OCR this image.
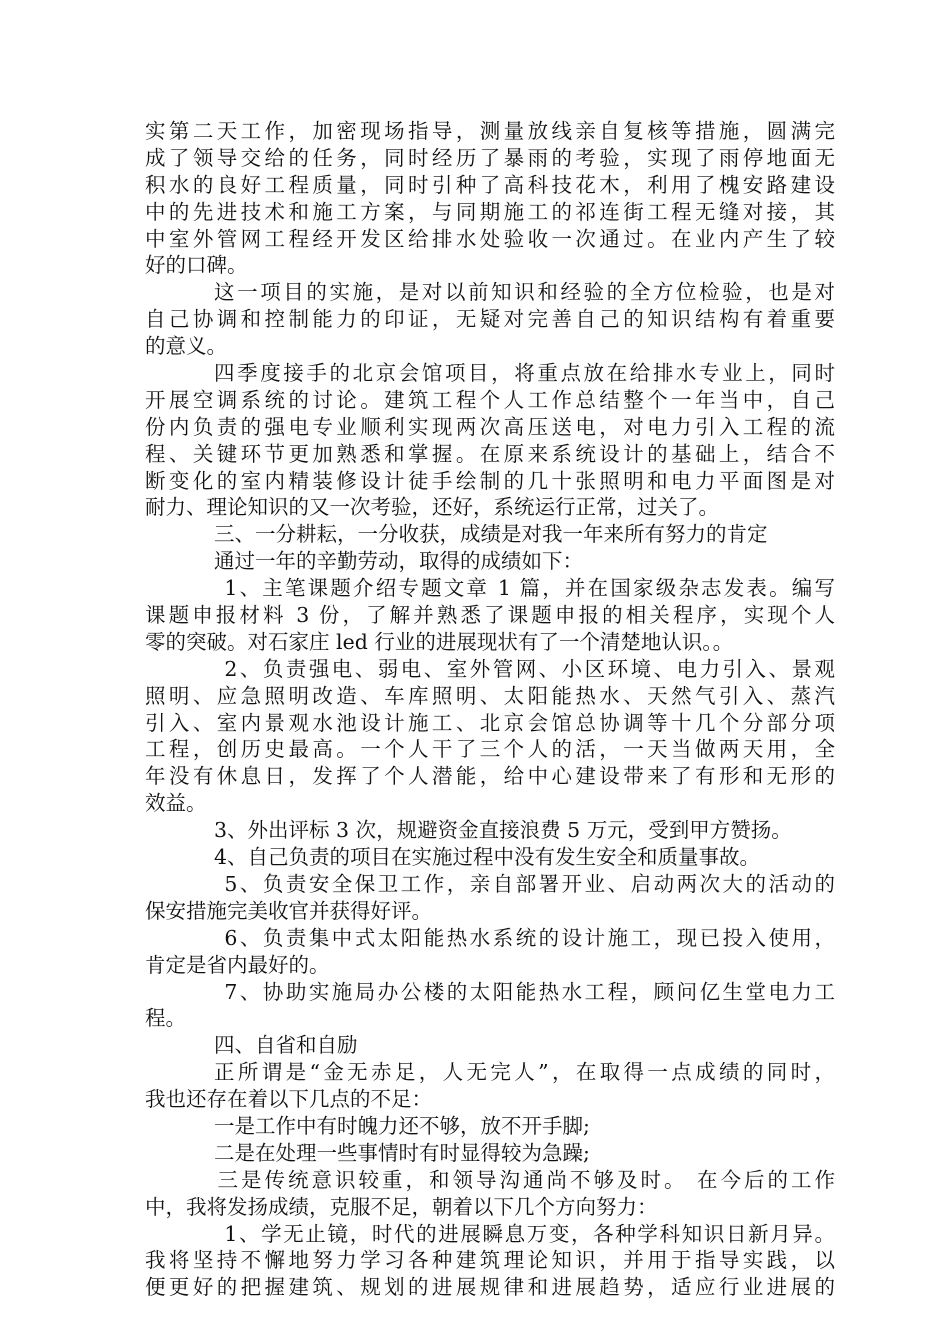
实第二天工作，加密现场指导，测量放线亲自复核等措施，圆满完
成了领导交给的任务，同时经历了暴雨的考验，实现了雨停地面无
积水的良好工程质量，同时引种了高科技花木，利用了槐安路建设
中的先进技术和施工方案，与同期施工的祁连街工程无缝对接，其
中室外管网工程经开发区给排水处验收一次通过。在业内产生了较
好的口碑。
这一项目的实施，是对以前知识和经验的全方位检验，也是对
自己协调和控制能力的印证，无疑对完善自己的知识结构有着重要
的意义。
四季度接手的北京会馆项目，将重点放在给排水专业上，同时
开展空调系统的讨论。建筑工程个人工作总结整个一年当中，自己
份内负责的强电专业顺利实现两次高压送电，对电力引入工程的流
程、关键环节更加熟悉和掌握。在原来系统设计的基础上，结合不
断变化的室内精装修设计徒手绘制的几十张照明和电力平面图是对
耐力、理论知识的又一次考验，还好，系统运行正常，过关了。
三、一分耕耘，一分收获，成绩是对我一年来所有努力的肯定
通过一年的辛勤劳动，取得的成绩如下：
1、主笔课题介绍专题文章 1 篇，并在国家级杂志发表。编写
课题申报材料 3 份，了解并熟悉了课题申报的相关程序，实现个人
零的突破。对石家庄 led 行业的进展现状有了一个清楚地认识。。
2、负责强电、弱电、室外管网、小区环境、电力引入、景观
照明、应急照明改造、车库照明、太阳能热水、天然气引入、蒸汽
引入、室内景观水池设计施工、北京会馆总协调等十几个分部分项
工程，创历史最高。一个人干了三个人的活，一天当做两天用，全
年没有休息日，发挥了个人潜能，给中心建设带来了有形和无形的
效益。
3、外出评标 3 次，规避资金直接浪费 5 万元，受到甲方赞扬。
4、自己负责的项目在实施过程中没有发生安全和质量事故。
5、负责安全保卫工作，亲自部署开业、启动两次大的活动的
保安措施完美收官并获得好评。
6、负责集中式太阳能热水系统的设计施工，现已投入使用，
肯定是省内最好的。
7、协助实施局办公楼的太阳能热水工程，顾问亿生堂电力工
程。
四、自省和自励
正所谓是“金无赤足，人无完人”，在取得一点成绩的同时，
我也还存在着以下几点的不足：
一是工作中有时魄力还不够，放不开手脚;
二是在处理一些事情时有时显得较为急躁;
三是传统意识较重，和领导沟通尚不够及时。 在今后的工作
中，我将发扬成绩，克服不足，朝着以下几个方向努力：
1、学无止镜，时代的进展瞬息万变，各种学科知识日新月异。
我将坚持不懈地努力学习各种建筑理论知识，并用于指导实践，以
便更好的把握建筑、规划的进展规律和进展趋势，适应行业进展的
